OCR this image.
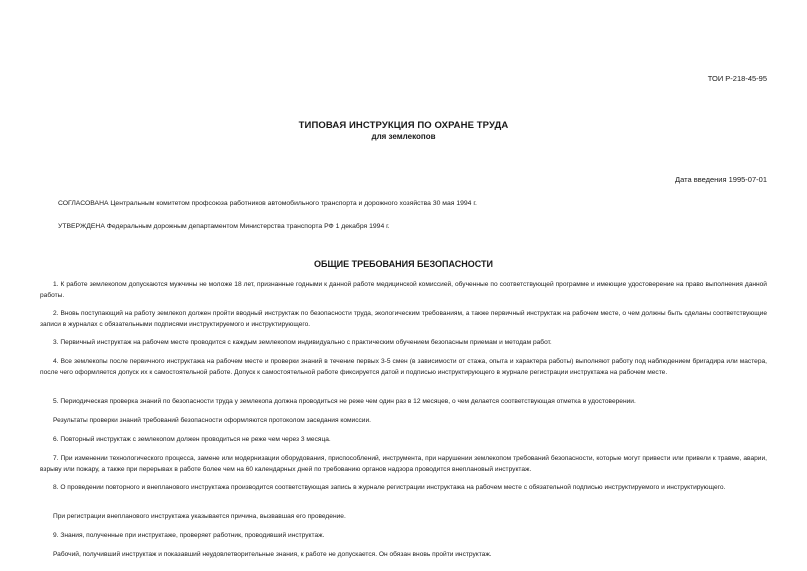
ТОИ Р-218-45-95
ТИПОВАЯ ИНСТРУКЦИЯ ПО ОХРАНЕ ТРУДА
для землекопов
Дата введения 1995-07-01
СОГЛАСОВАНА Центральным комитетом профсоюза работников автомобильного транспорта и дорожного хозяйства 30 мая 1994 г.
УТВЕРЖДЕНА Федеральным дорожным департаментом Министерства транспорта РФ 1 декабря 1994 г.
ОБЩИЕ ТРЕБОВАНИЯ БЕЗОПАСНОСТИ
1. К работе землекопом допускаются мужчины не моложе 18 лет, признанные годными к данной работе медицинской комиссией, обученные по соответствующей программе и имеющие удостоверение на право выполнения данной работы.
2. Вновь поступающий на работу землекоп должен пройти вводный инструктаж по безопасности труда, экологическим требованиям, а также первичный инструктаж на рабочем месте, о чем должны быть сделаны соответствующие записи в журналах с обязательными подписями инструктируемого и инструктирующего.
3. Первичный инструктаж на рабочем месте проводится с каждым землекопом индивидуально с практическим обучением безопасным приемам и методам работ.
4. Все землекопы после первичного инструктажа на рабочем месте и проверки знаний в течение первых 3-5 смен (в зависимости от стажа, опыта и характера работы) выполняют работу под наблюдением бригадира или мастера, после чего оформляется допуск их к самостоятельной работе. Допуск к самостоятельной работе фиксируется датой и подписью инструктирующего в журнале регистрации инструктажа на рабочем месте.
5. Периодическая проверка знаний по безопасности труда у землекопа должна проводиться не реже чем один раз в 12 месяцев, о чем делается соответствующая отметка в удостоверении.
Результаты проверки знаний требований безопасности оформляются протоколом заседания комиссии.
6. Повторный инструктаж с землекопом должен проводиться не реже чем через 3 месяца.
7. При изменении технологического процесса, замене или модернизации оборудования, приспособлений, инструмента, при нарушении землекопом требований безопасности, которые могут привести или привели к травме, аварии, взрыву или пожару, а также при перерывах в работе более чем на 60 календарных дней по требованию органов надзора проводится внеплановый инструктаж.
8. О проведении повторного и внепланового инструктажа производится соответствующая запись в журнале регистрации инструктажа на рабочем месте с обязательной подписью инструктируемого и инструктирующего.
При регистрации внепланового инструктажа указывается причина, вызвавшая его проведение.
9. Знания, полученные при инструктаже, проверяет работник, проводивший инструктаж.
Рабочий, получивший инструктаж и показавший неудовлетворительные знания, к работе не допускается. Он обязан вновь пройти инструктаж.
